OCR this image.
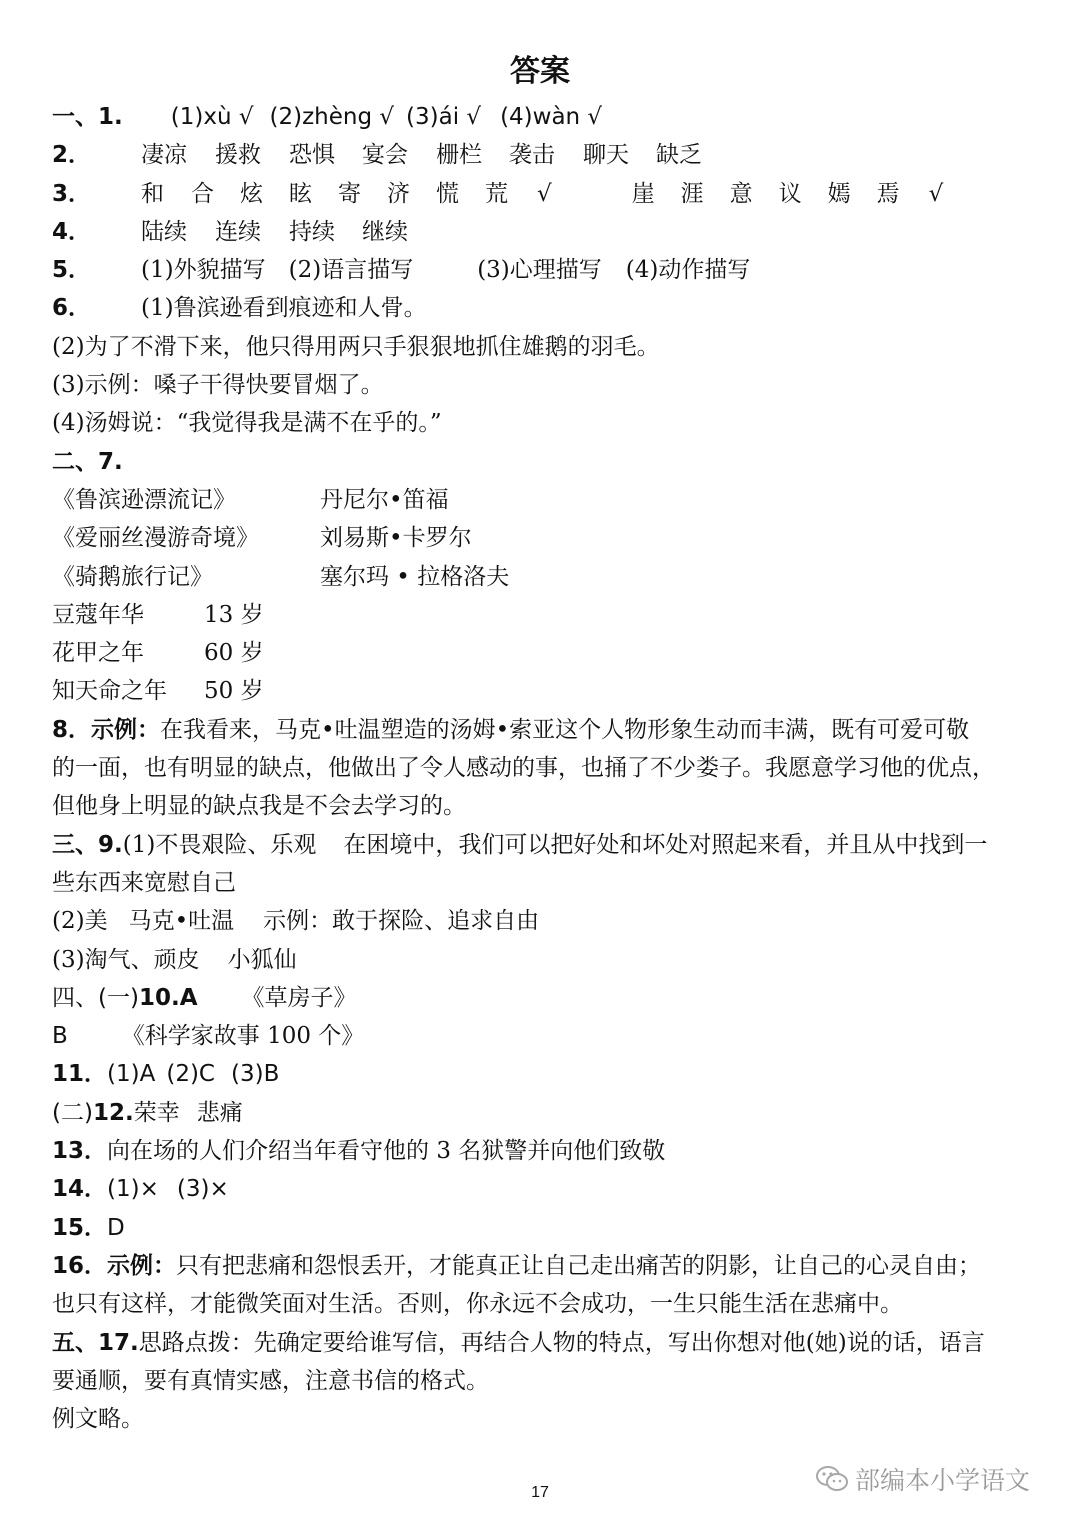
答案
一、1. (1)xù √ (2)zhèng √ (3)ái √ (4)wàn √
2． 凄凉 援救 恐惧 宴会 栅栏 袭击 聊天 缺乏
3． 和 合 炫 眩 寄 济 慌 荒 √	崖 涯 意 议 嫣 焉 √
4． 陆续 连续 持续 继续
5． (1)外貌描写 (2)语言描写	(3)心理描写 (4)动作描写
6． (1)鲁滨逊看到痕迹和人骨。
(2)为了不滑下来，他只得用两只手狠狠地抓住雄鹅的羽毛。
(3)示例：嗓子干得快要冒烟了。
(4)汤姆说：“我觉得我是满不在乎的。”
二、7.
《鲁滨逊漂流记》	丹尼尔•笛福
《爱丽丝漫游奇境》	刘易斯•卡罗尔
《骑鹅旅行记》	塞尔玛 • 拉格洛夫
豆蔻年华	13 岁
花甲之年	60 岁
知天命之年 50 岁
8．示例：在我看来，马克•吐温塑造的汤姆•索亚这个人物形象生动而丰满，既有可爱可敬
的一面，也有明显的缺点，他做出了令人感动的事，也捅了不少娄子。我愿意学习他的优点，
但他身上明显的缺点我是不会去学习的。
三、9.(1)不畏艰险、乐观 在困境中，我们可以把好处和坏处对照起来看，并且从中找到一
些东西来宽慰自己
(2)美 马克•吐温 示例：敢于探险、追求自由
(3)淘气、顽皮 小狐仙
四、(一)10.A 《草房子》
B 《科学家故事 100 个》
11．(1)A (2)C (3)B
(二)12.荣幸 悲痛
13．向在场的人们介绍当年看守他的 3 名狱警并向他们致敬
14．(1)× (3)×
15．D
16．示例：只有把悲痛和怨恨丢开，才能真正让自己走出痛苦的阴影，让自己的心灵自由；
也只有这样，才能微笑面对生活。否则，你永远不会成功，一生只能生活在悲痛中。
五、17.思路点拨：先确定要给谁写信，再结合人物的特点，写出你想对他(她)说的话，语言
要通顺，要有真情实感，注意书信的格式。
例文略。
17	部编本小学语文
